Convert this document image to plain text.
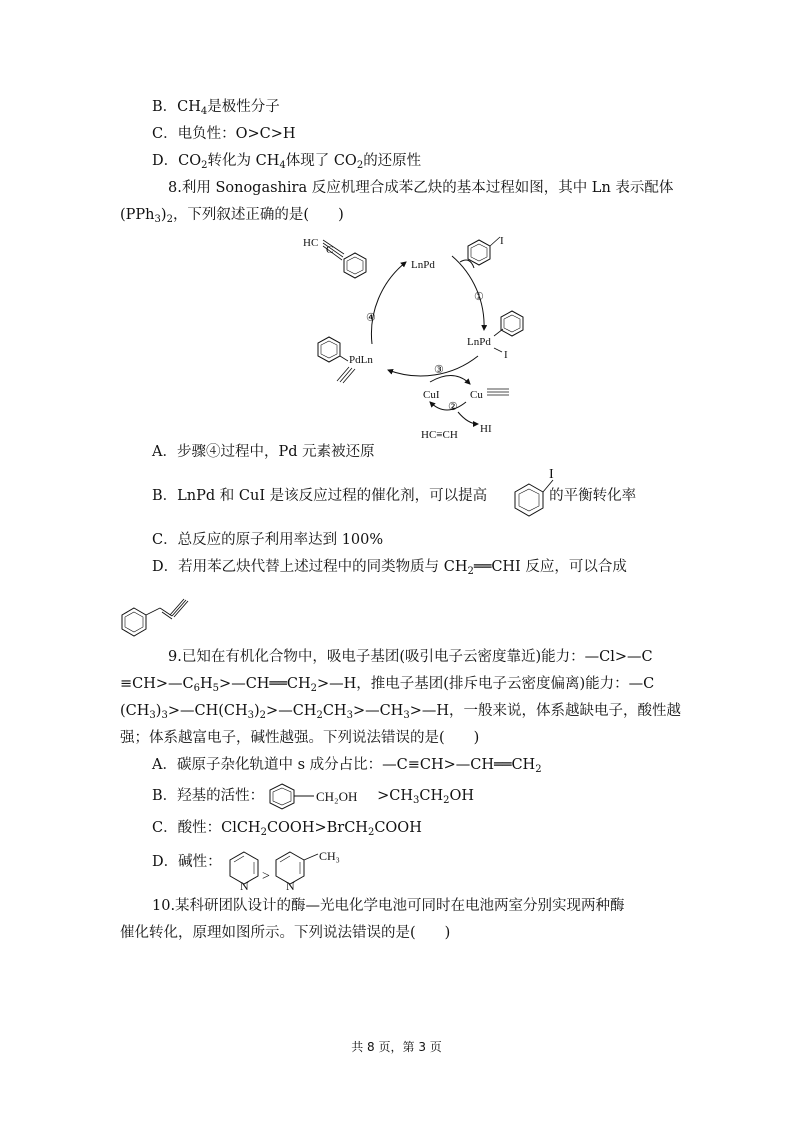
B．$CH_4$是极性分子
C．电负性：O>C>H
D．$CO_2$转化为 $CH_4$体现了 $CO_2$的还原性
8.利用 Sonogashira 反应机理合成苯乙炔的基本过程如图，其中 Ln 表示配体
$(PPh_3)_2$，下列叙述正确的是(　　)
HC
C
LnPd
I
①
LnPd
I
④
PdLn
③
CuI	Cu
②
HC≡CH HI
A．步骤④过程中，Pd 元素被还原
B．LnPd 和 CuI 是该反应过程的催化剂，可以提高	的平衡转化率
I
C．总反应的原子利用率达到 100%
D．若用苯乙炔代替上述过程中的同类物质与 $CH_2══CHI$ 反应，可以合成
9.已知在有机化合物中，吸电子基团(吸引电子云密度靠近)能力：—Cl>—C
$\equiv CH>—C_6H_5>—CH══CH_2>—H$，推电子基团(排斥电子云密度偏离)能力：—C
$(CH_3)_3>—CH(CH_3)_2>—CH_2CH_3>—CH_3>—H$，一般来说，体系越缺电子，酸性越
强；体系越富电子，碱性越强。下列说法错误的是(　　)
A．碳原子杂化轨道中 s 成分占比：$—C\equiv CH>—CH══CH_2$
B．羟基的活性：	$>CH_3CH_2OH$
CH₂OH
C．酸性：ClCH$_2$COOH>BrCH$_2$COOH
D．碱性：
N
>
N
CH₃
10.某科研团队设计的酶—光电化学电池可同时在电池两室分别实现两种酶
催化转化，原理如图所示。下列说法错误的是(　　)
共 8 页，第 3 页
